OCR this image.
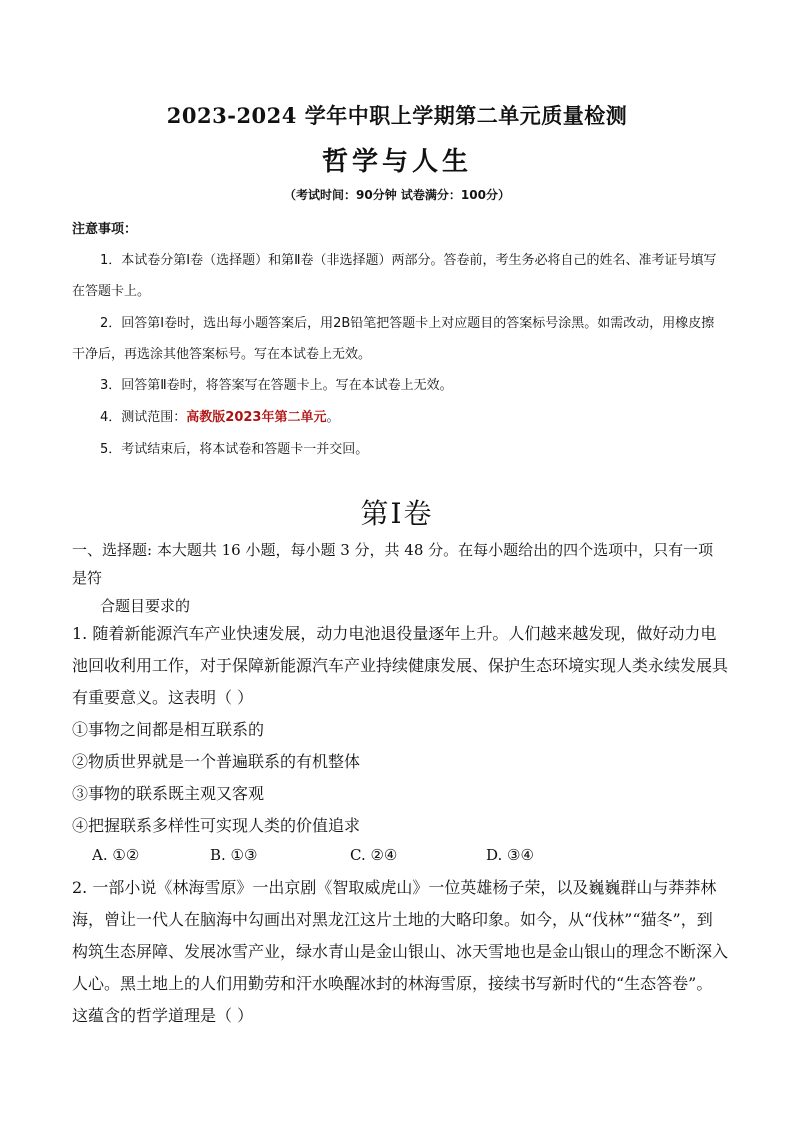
2023-2024 学年中职上学期第二单元质量检测
哲学与人生
（考试时间：90分钟 试卷满分：100分）
注意事项：
1．本试卷分第Ⅰ卷（选择题）和第Ⅱ卷（非选择题）两部分。答卷前，考生务必将自己的姓名、准考证号填写在答题卡上。
2．回答第Ⅰ卷时，选出每小题答案后，用2B铅笔把答题卡上对应题目的答案标号涂黑。如需改动，用橡皮擦干净后，再选涂其他答案标号。写在本试卷上无效。
3．回答第Ⅱ卷时，将答案写在答题卡上。写在本试卷上无效。
4．测试范围：高教版2023年第二单元。
5．考试结束后，将本试卷和答题卡一并交回。
第Ⅰ卷
一、选择题: 本大题共 16 小题，每小题 3 分，共 48 分。在每小题给出的四个选项中，只有一项是符
合题目要求的
1. 随着新能源汽车产业快速发展，动力电池退役量逐年上升。人们越来越发现，做好动力电池回收利用工作，对于保障新能源汽车产业持续健康发展、保护生态环境实现人类永续发展具有重要意义。这表明（ ）
①事物之间都是相互联系的
②物质世界就是一个普遍联系的有机整体
③事物的联系既主观又客观
④把握联系多样性可实现人类的价值追求
A. ①②	B. ①③	C. ②④	D. ③④
2. 一部小说《林海雪原》一出京剧《智取威虎山》一位英雄杨子荣，以及巍巍群山与莽莽林海，曾让一代人在脑海中勾画出对黑龙江这片土地的大略印象。如今，从“伐林”“猫冬”，到构筑生态屏障、发展冰雪产业，绿水青山是金山银山、冰天雪地也是金山银山的理念不断深入人心。黑土地上的人们用勤劳和汗水唤醒冰封的林海雪原，接续书写新时代的“生态答卷”。这蕴含的哲学道理是（ ）
